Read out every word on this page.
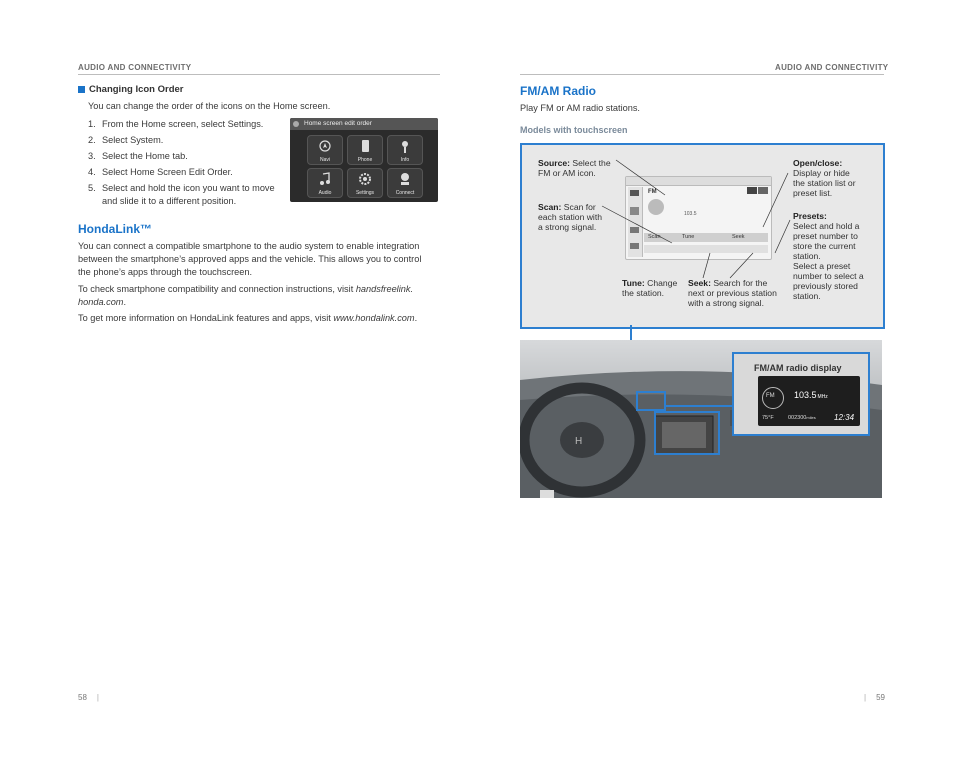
AUDIO AND CONNECTIVITY
Changing Icon Order
You can change the order of the icons on the Home screen.
1. From the Home screen, select Settings.
2. Select System.
3. Select the Home tab.
4. Select Home Screen Edit Order.
5. Select and hold the icon you want to move
and slide it to a different position.
Home screen edit order
Navi	Phone	Info
Audio	Settings	Connect
HondaLink™
You can connect a compatible smartphone to the audio system to enable integration
between the smartphone’s approved apps and the vehicle. This allows you to control
the phone’s apps through the touchscreen.
To check smartphone compatibility and connection instructions, visit handsfreelink.
honda.com.
To get more information on HondaLink features and apps, visit www.hondalink.com.
58 |
AUDIO AND CONNECTIVITY
FM/AM Radio
Play FM or AM radio stations.
Models with touchscreen
FM
103.5
Scan	Tune	Seek
Source: Select the
FM or AM icon.
Scan: Scan for
each station with
a strong signal.
Open/close:
Display or hide
the station list or
preset list.
Presets:
Select and hold a
preset number to
store the current
station.
Select a preset
number to select a
previously stored
station.
Tune: Change
the station.
Seek: Search for the
next or previous station
with a strong signal.
H
FM/AM radio display
FM 103.5MHz
75°F	002300miles 12:34
| 59
